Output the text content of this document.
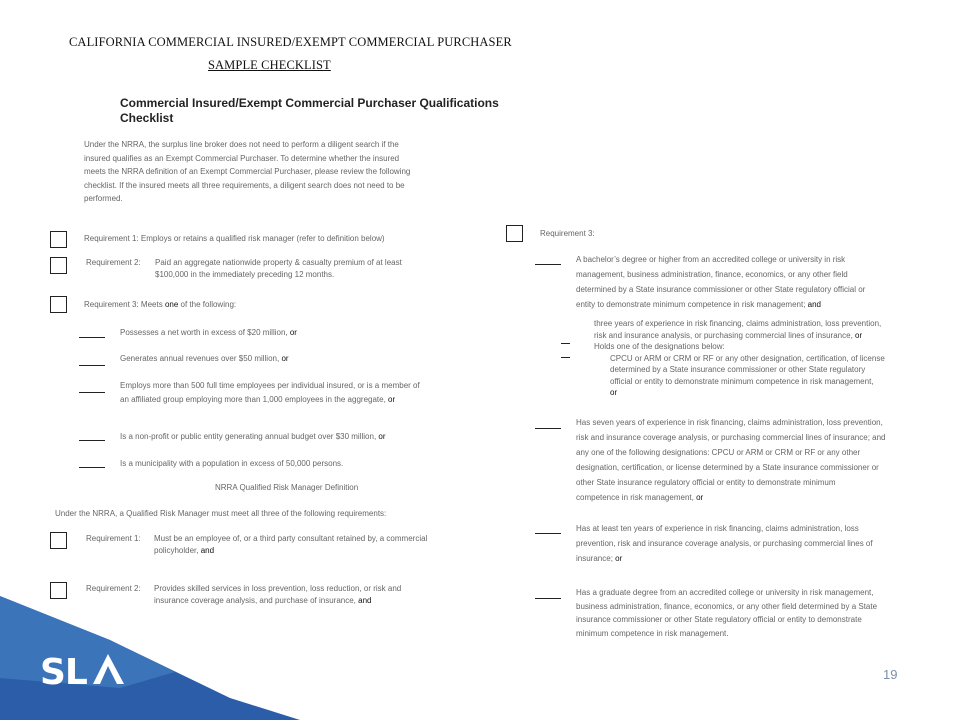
CALIFORNIA COMMERCIAL INSURED/EXEMPT COMMERCIAL PURCHASER
SAMPLE CHECKLIST
Commercial Insured/Exempt Commercial Purchaser Qualifications
Checklist
Under the NRRA, the surplus line broker does not need to perform a diligent search if the
insured qualifies as an Exempt Commercial Purchaser. To determine whether the insured
meets the NRRA definition of an Exempt Commercial Purchaser, please review the following
checklist. If the insured meets all three requirements, a diligent search does not need to be
performed.
Requirement 1: Employs or retains a qualified risk manager (refer to definition below)
Requirement 2: Paid an aggregate nationwide property & casualty premium of at least
$100,000 in the immediately preceding 12 months.
Requirement 3: Meets one of the following:
Possesses a net worth in excess of $20 million, or
Generates annual revenues over $50 million, or
Employs more than 500 full time employees per individual insured, or is a member of
an affiliated group employing more than 1,000 employees in the aggregate, or
Is a non-profit or public entity generating annual budget over $30 million, or
Is a municipality with a population in excess of 50,000 persons.
NRRA Qualified Risk Manager Definition
Under the NRRA, a Qualified Risk Manager must meet all three of the following requirements:
Requirement 1: Must be an employee of, or a third party consultant retained by, a commercial
policyholder, and
Requirement 2: Provides skilled services in loss prevention, loss reduction, or risk and
insurance coverage analysis, and purchase of insurance, and
Requirement 3:
A bachelor’s degree or higher from an accredited college or university in risk
management, business administration, finance, economics, or any other field
determined by a State insurance commissioner or other State regulatory official or
entity to demonstrate minimum competence in risk management; and
three years of experience in risk financing, claims administration, loss prevention,
risk and insurance analysis, or purchasing commercial lines of insurance, or
Holds one of the designations below:
CPCU or ARM or CRM or RF or any other designation, certification, of license
determined by a State insurance commissioner or other State regulatory
official or entity to demonstrate minimum competence in risk management,
or
Has seven years of experience in risk financing, claims administration, loss prevention,
risk and insurance coverage analysis, or purchasing commercial lines of insurance; and
any one of the following designations: CPCU or ARM or CRM or RF or any other
designation, certification, or license determined by a State insurance commissioner or
other State insurance regulatory official or entity to demonstrate minimum
competence in risk management, or
Has at least ten years of experience in risk financing, claims administration, loss
prevention, risk and insurance coverage analysis, or purchasing commercial lines of
insurance; or
Has a graduate degree from an accredited college or university in risk management,
business administration, finance, economics, or any other field determined by a State
insurance commissioner or other State regulatory official or entity to demonstrate
minimum competence in risk management.
SL	19
